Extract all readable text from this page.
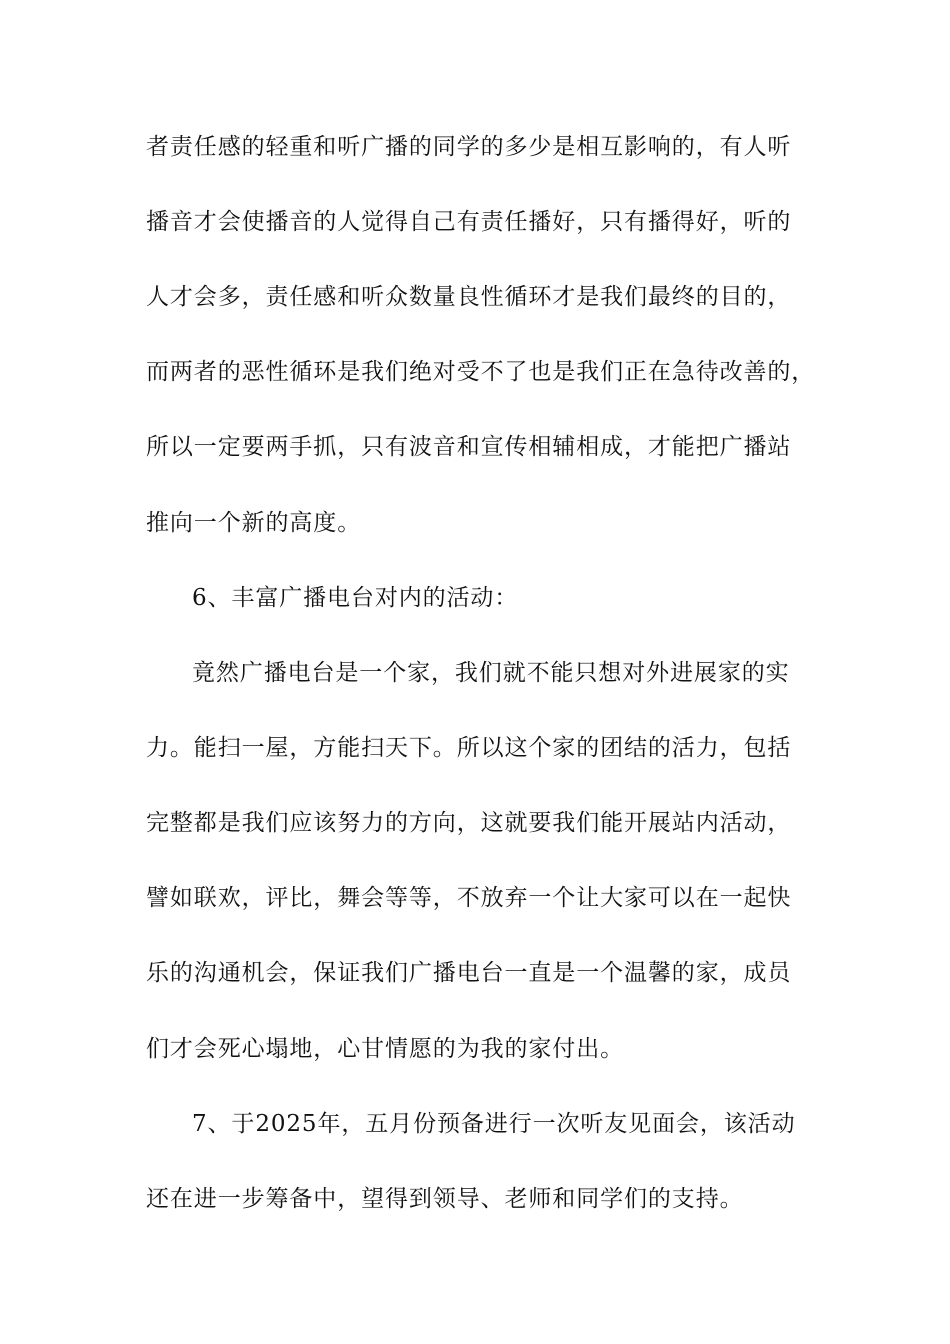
者责任感的轻重和听广播的同学的多少是相互影响的，有人听
播音才会使播音的人觉得自己有责任播好，只有播得好，听的
人才会多，责任感和听众数量良性循环才是我们最终的目的，
而两者的恶性循环是我们绝对受不了也是我们正在急待改善的，
所以一定要两手抓，只有波音和宣传相辅相成，才能把广播站
推向一个新的高度。
6、丰富广播电台对内的活动：
竟然广播电台是一个家，我们就不能只想对外进展家的实
力。能扫一屋，方能扫天下。所以这个家的团结的活力，包括
完整都是我们应该努力的方向，这就要我们能开展站内活动，
譬如联欢，评比，舞会等等，不放弃一个让大家可以在一起快
乐的沟通机会，保证我们广播电台一直是一个温馨的家，成员
们才会死心塌地，心甘情愿的为我的家付出。
7、于2025年，五月份预备进行一次听友见面会，该活动
还在进一步筹备中，望得到领导、老师和同学们的支持。
